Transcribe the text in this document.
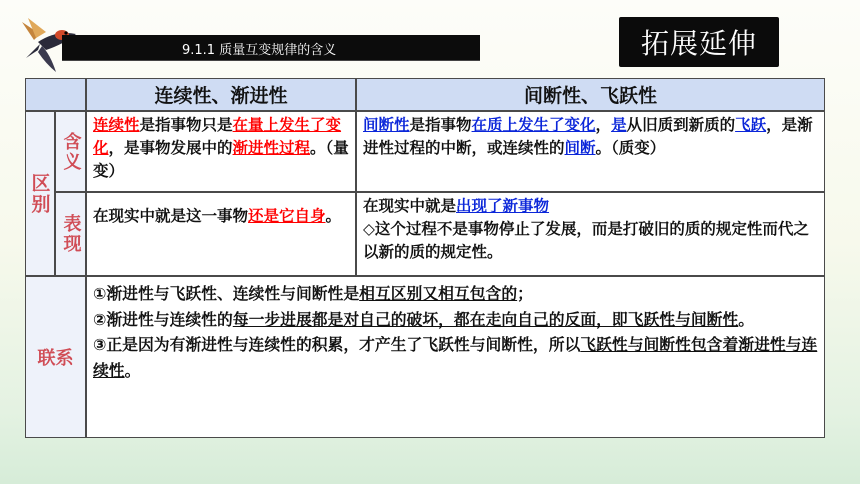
9.1.1 质量互变规律的含义	拓展延伸
连续性、渐进性	间断性、飞跃性
区别
含义
连续性是指事物只是在量上发生了变化，是事物发展中的渐进性过程。（量变）
间断性是指事物在质上发生了变化，是从旧质到新质的飞跃，是渐进性过程的中断，或连续性的间断。（质变）
表现 在现实中就是这一事物还是它自身。
在现实中就是出现了新事物
◇这个过程不是事物停止了发展，而是打破旧的质的规定性而代之以新的质的规定性。
联系
①渐进性与飞跃性、连续性与间断性是相互区别又相互包含的；
②渐进性与连续性的每一步进展都是对自己的破坏，都在走向自己的反面，即飞跃性与间断性。
③正是因为有渐进性与连续性的积累，才产生了飞跃性与间断性，所以飞跃性与间断性包含着渐进性与连续性。
